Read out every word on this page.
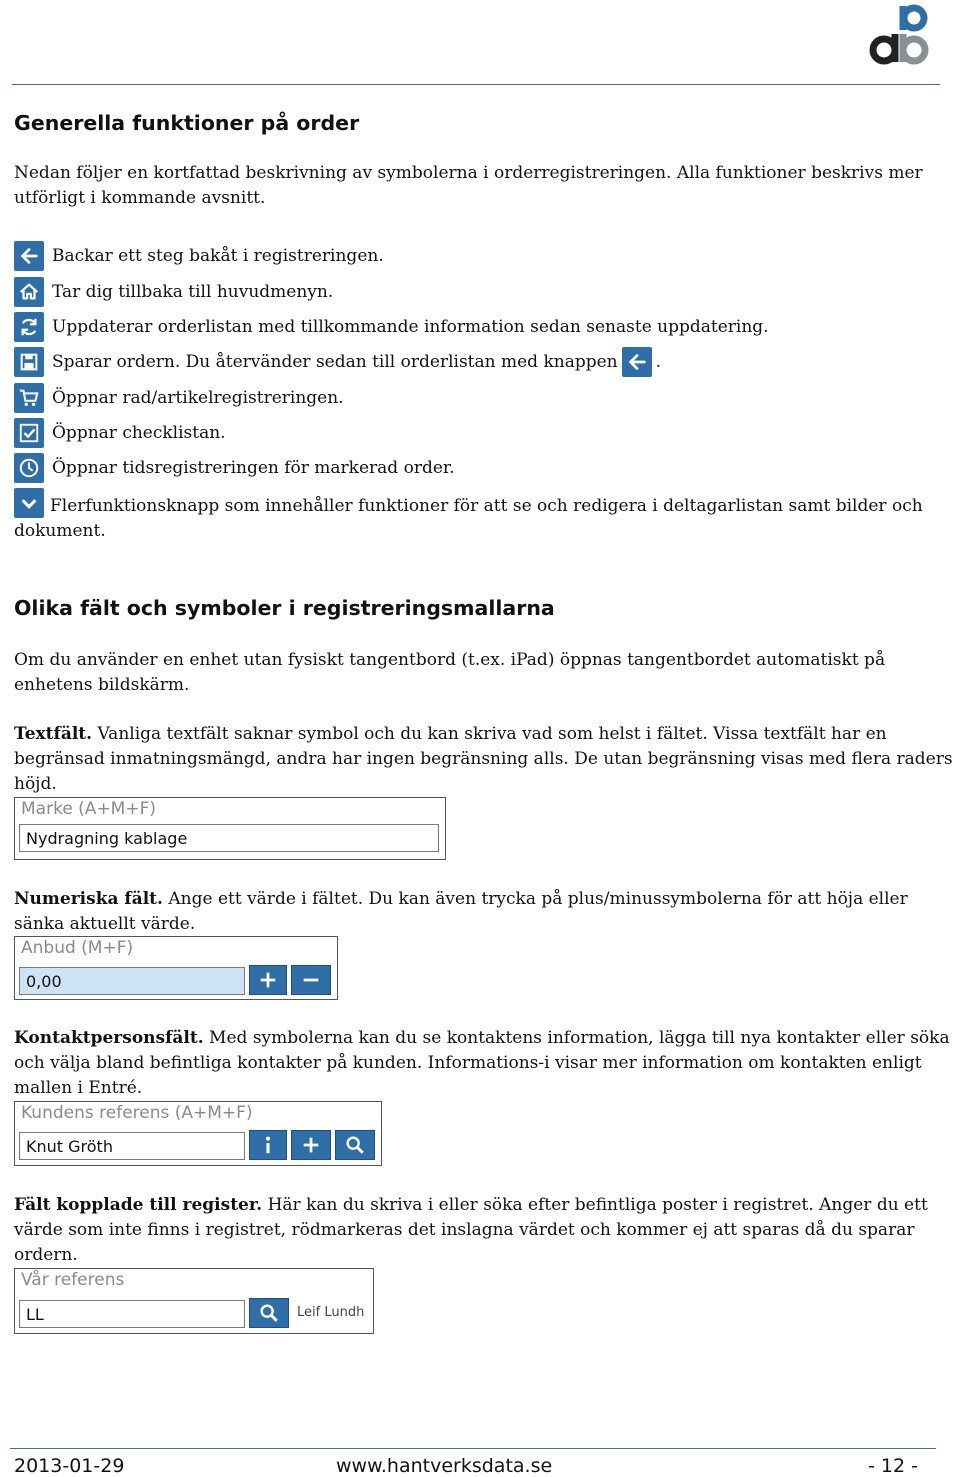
Generella funktioner på order

Nedan följer en kortfattad beskrivning av symbolerna i orderregistreringen. Alla funktioner beskrivs mer utförligt i kommande avsnitt.

Backar ett steg bakåt i registreringen.
Tar dig tillbaka till huvudmenyn.
Uppdaterar orderlistan med tillkommande information sedan senaste uppdatering.
Sparar ordern. Du återvänder sedan till orderlistan med knappen .
Öppnar rad/artikelregistreringen.
Öppnar checklistan.
Öppnar tidsregistreringen för markerad order.

Flerfunktionsknapp som innehåller funktioner för att se och redigera i deltagarlistan samt bilder och dokument.

Olika fält och symboler i registreringsmallarna

Om du använder en enhet utan fysiskt tangentbord (t.ex. iPad) öppnas tangentbordet automatiskt på enhetens bildskärm.

Textfält. Vanliga textfält saknar symbol och du kan skriva vad som helst i fältet. Vissa textfält har en begränsad inmatningsmängd, andra har ingen begränsning alls. De utan begränsning visas med flera raders höjd.

Marke (A+M+F)
Nydragning kablage

Numeriska fält. Ange ett värde i fältet. Du kan även trycka på plus/minussymbolerna för att höja eller sänka aktuellt värde.

Anbud (M+F)
0,00

Kontaktpersonsfält. Med symbolerna kan du se kontaktens information, lägga till nya kontakter eller söka och välja bland befintliga kontakter på kunden. Informations-i visar mer information om kontakten enligt mallen i Entré.

Kundens referens (A+M+F)
Knut Gröth

Fält kopplade till register. Här kan du skriva i eller söka efter befintliga poster i registret. Anger du ett värde som inte finns i registret, rödmarkeras det inslagna värdet och kommer ej att sparas då du sparar ordern.

Vår referens
LL	Leif Lundh
2013-01-29	www.hantverksdata.se	- 12 -
